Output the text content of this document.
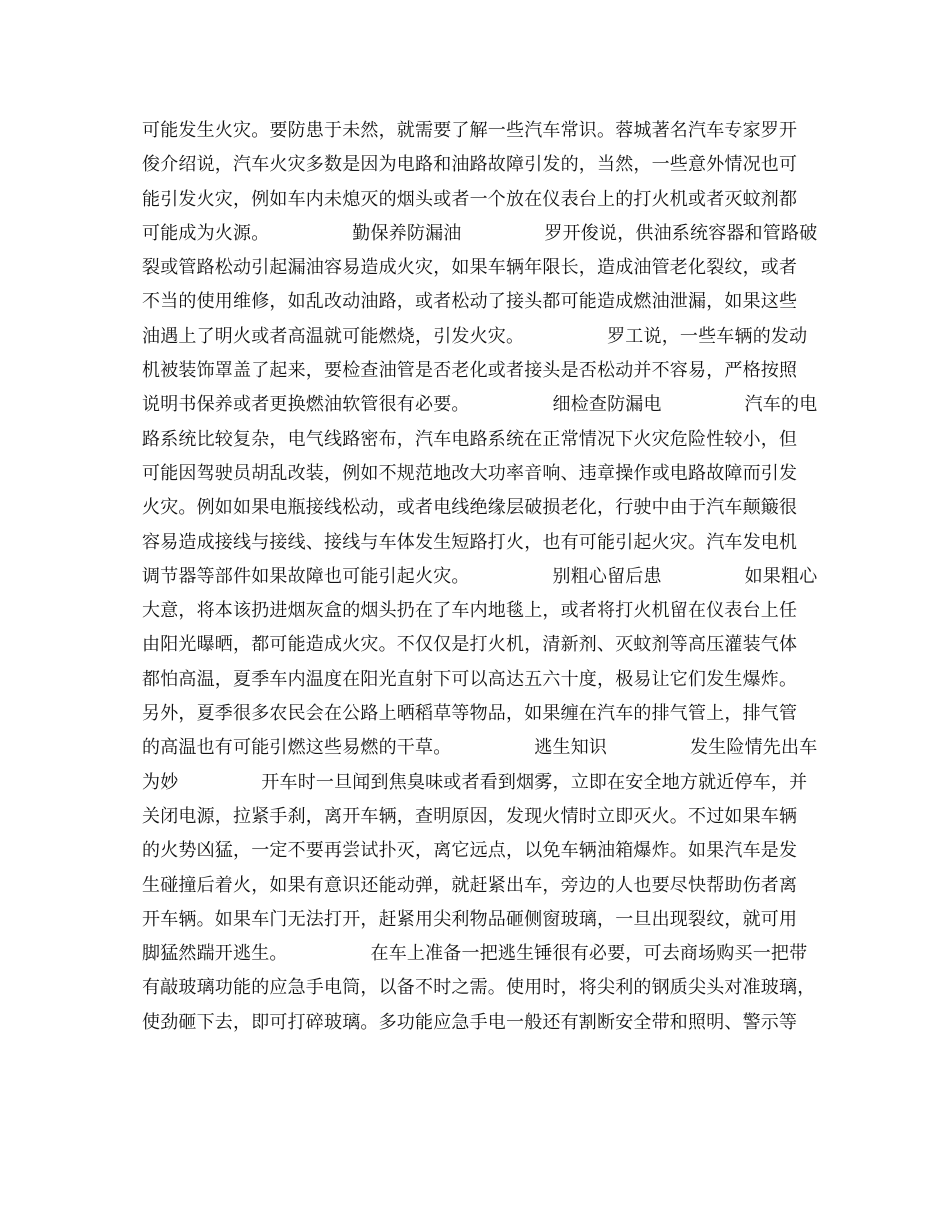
可能发生火灾。要防患于未然，就需要了解一些汽车常识。蓉城著名汽车专家罗开
俊介绍说，汽车火灾多数是因为电路和油路故障引发的，当然，一些意外情况也可
能引发火灾，例如车内未熄灭的烟头或者一个放在仪表台上的打火机或者灭蚊剂都
可能成为火源。              勤保养防漏油              罗开俊说，供油系统容器和管路破
裂或管路松动引起漏油容易造成火灾，如果车辆年限长，造成油管老化裂纹，或者
不当的使用维修，如乱改动油路，或者松动了接头都可能造成燃油泄漏，如果这些
油遇上了明火或者高温就可能燃烧，引发火灾。              罗工说，一些车辆的发动
机被装饰罩盖了起来，要检查油管是否老化或者接头是否松动并不容易，严格按照
说明书保养或者更换燃油软管很有必要。              细检查防漏电              汽车的电
路系统比较复杂，电气线路密布，汽车电路系统在正常情况下火灾危险性较小，但
可能因驾驶员胡乱改装，例如不规范地改大功率音响、违章操作或电路故障而引发
火灾。例如如果电瓶接线松动，或者电线绝缘层破损老化，行驶中由于汽车颠簸很
容易造成接线与接线、接线与车体发生短路打火，也有可能引起火灾。汽车发电机
调节器等部件如果故障也可能引起火灾。              别粗心留后患              如果粗心
大意，将本该扔进烟灰盒的烟头扔在了车内地毯上，或者将打火机留在仪表台上任
由阳光曝晒，都可能造成火灾。不仅仅是打火机，清新剂、灭蚊剂等高压灌装气体
都怕高温，夏季车内温度在阳光直射下可以高达五六十度，极易让它们发生爆炸。
另外，夏季很多农民会在公路上晒稻草等物品，如果缠在汽车的排气管上，排气管
的高温也有可能引燃这些易燃的干草。              逃生知识              发生险情先出车
为妙              开车时一旦闻到焦臭味或者看到烟雾，立即在安全地方就近停车，并
关闭电源，拉紧手刹，离开车辆，查明原因，发现火情时立即灭火。不过如果车辆
的火势凶猛，一定不要再尝试扑灭，离它远点，以免车辆油箱爆炸。如果汽车是发
生碰撞后着火，如果有意识还能动弹，就赶紧出车，旁边的人也要尽快帮助伤者离
开车辆。如果车门无法打开，赶紧用尖利物品砸侧窗玻璃，一旦出现裂纹，就可用
脚猛然踹开逃生。              在车上准备一把逃生锤很有必要，可去商场购买一把带
有敲玻璃功能的应急手电筒，以备不时之需。使用时，将尖利的钢质尖头对准玻璃，
使劲砸下去，即可打碎玻璃。多功能应急手电一般还有割断安全带和照明、警示等
